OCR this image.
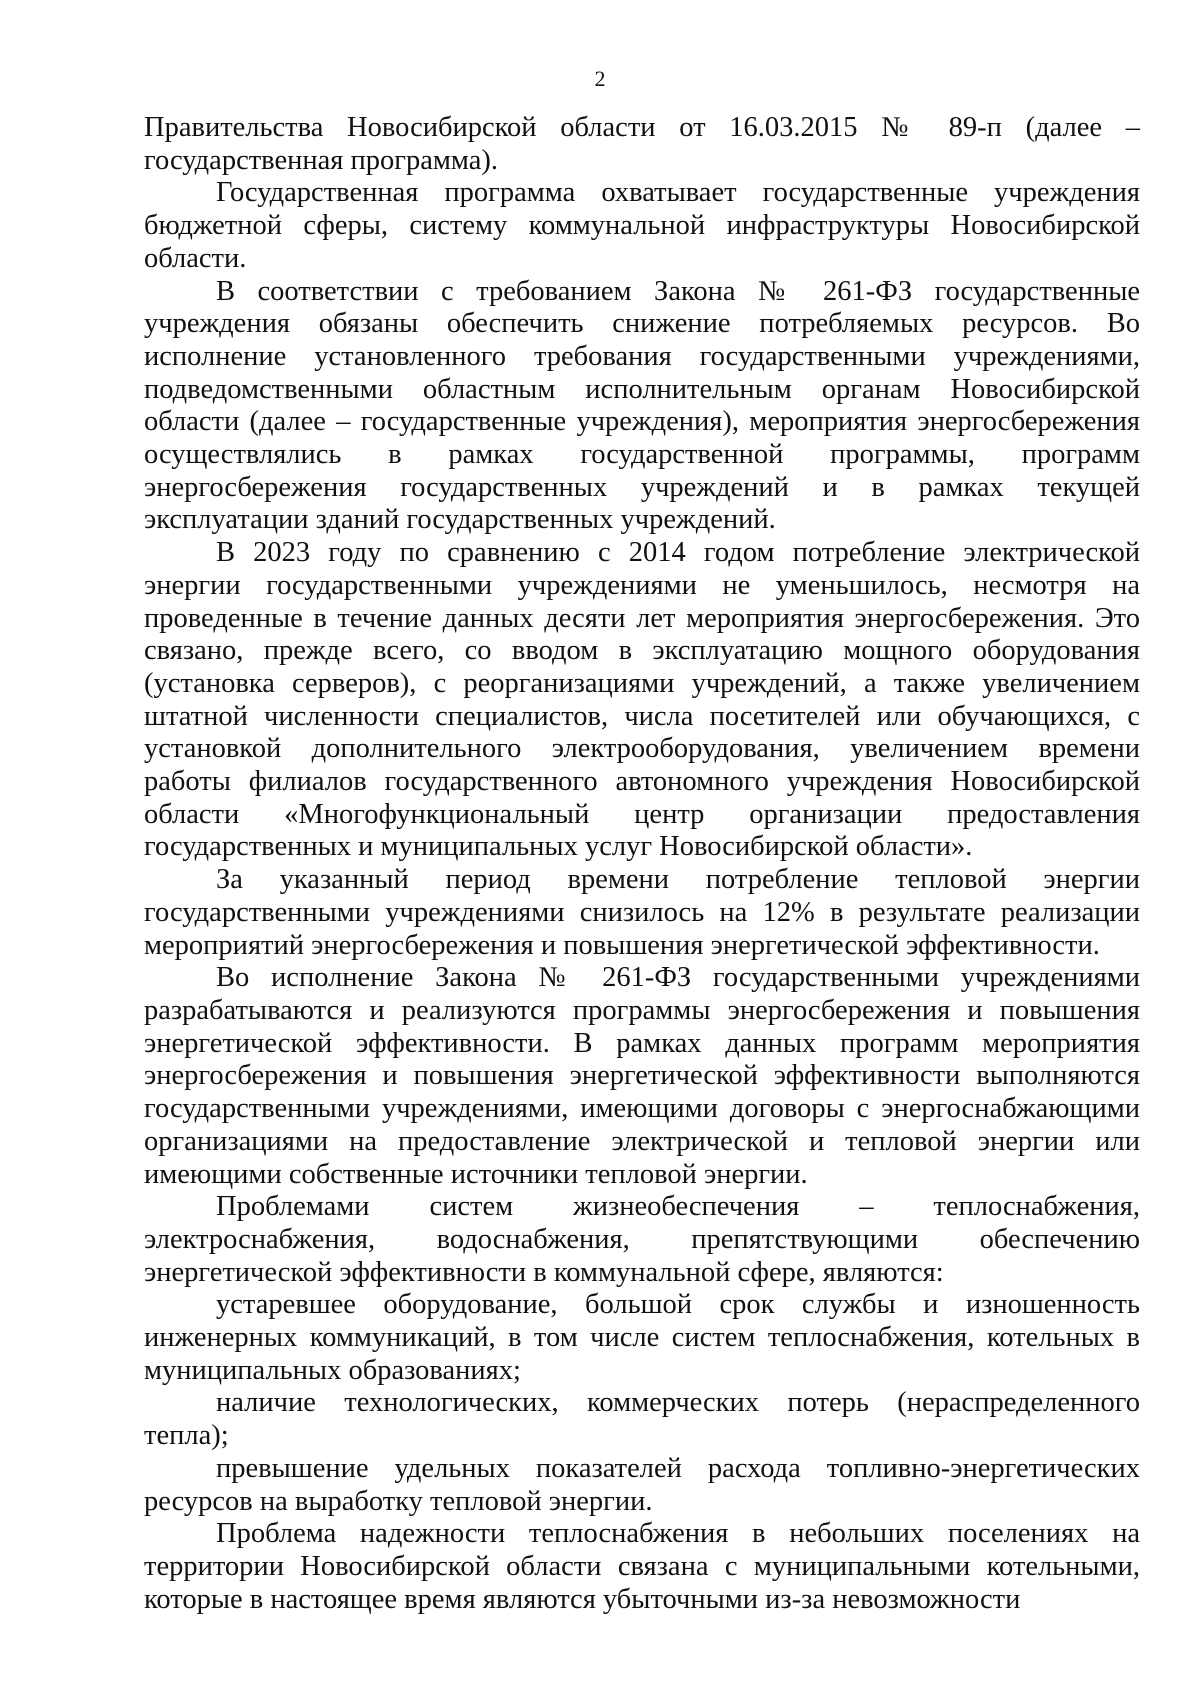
2

Правительства Новосибирской области от 16.03.2015 № 89-п (далее – государственная программа).

Государственная программа охватывает государственные учреждения бюджетной сферы, систему коммунальной инфраструктуры Новосибирской области.

В соответствии с требованием Закона № 261-ФЗ государственные учреждения обязаны обеспечить снижение потребляемых ресурсов. Во исполнение установленного требования государственными учреждениями, подведомственными областным исполнительным органам Новосибирской области (далее – государственные учреждения), мероприятия энергосбережения осуществлялись в рамках государственной программы, программ энергосбережения государственных учреждений и в рамках текущей эксплуатации зданий государственных учреждений.

В 2023 году по сравнению с 2014 годом потребление электрической энергии государственными учреждениями не уменьшилось, несмотря на проведенные в течение данных десяти лет мероприятия энергосбережения. Это связано, прежде всего, со вводом в эксплуатацию мощного оборудования (установка серверов), с реорганизациями учреждений, а также увеличением штатной численности специалистов, числа посетителей или обучающихся, с установкой дополнительного электрооборудования, увеличением времени работы филиалов государственного автономного учреждения Новосибирской области «Многофункциональный центр организации предоставления государственных и муниципальных услуг Новосибирской области».

За указанный период времени потребление тепловой энергии государственными учреждениями снизилось на 12% в результате реализации мероприятий энергосбережения и повышения энергетической эффективности.

Во исполнение Закона № 261-ФЗ государственными учреждениями разрабатываются и реализуются программы энергосбережения и повышения энергетической эффективности. В рамках данных программ мероприятия энергосбережения и повышения энергетической эффективности выполняются государственными учреждениями, имеющими договоры с энергоснабжающими организациями на предоставление электрической и тепловой энергии или имеющими собственные источники тепловой энергии.

Проблемами систем жизнеобеспечения – теплоснабжения, электроснабжения, водоснабжения, препятствующими обеспечению энергетической эффективности в коммунальной сфере, являются:

устаревшее оборудование, большой срок службы и изношенность инженерных коммуникаций, в том числе систем теплоснабжения, котельных в муниципальных образованиях;

наличие технологических, коммерческих потерь (нераспределенного тепла);

превышение удельных показателей расхода топливно-энергетических ресурсов на выработку тепловой энергии.

Проблема надежности теплоснабжения в небольших поселениях на территории Новосибирской области связана с муниципальными котельными, которые в настоящее время являются убыточными из-за невозможности
